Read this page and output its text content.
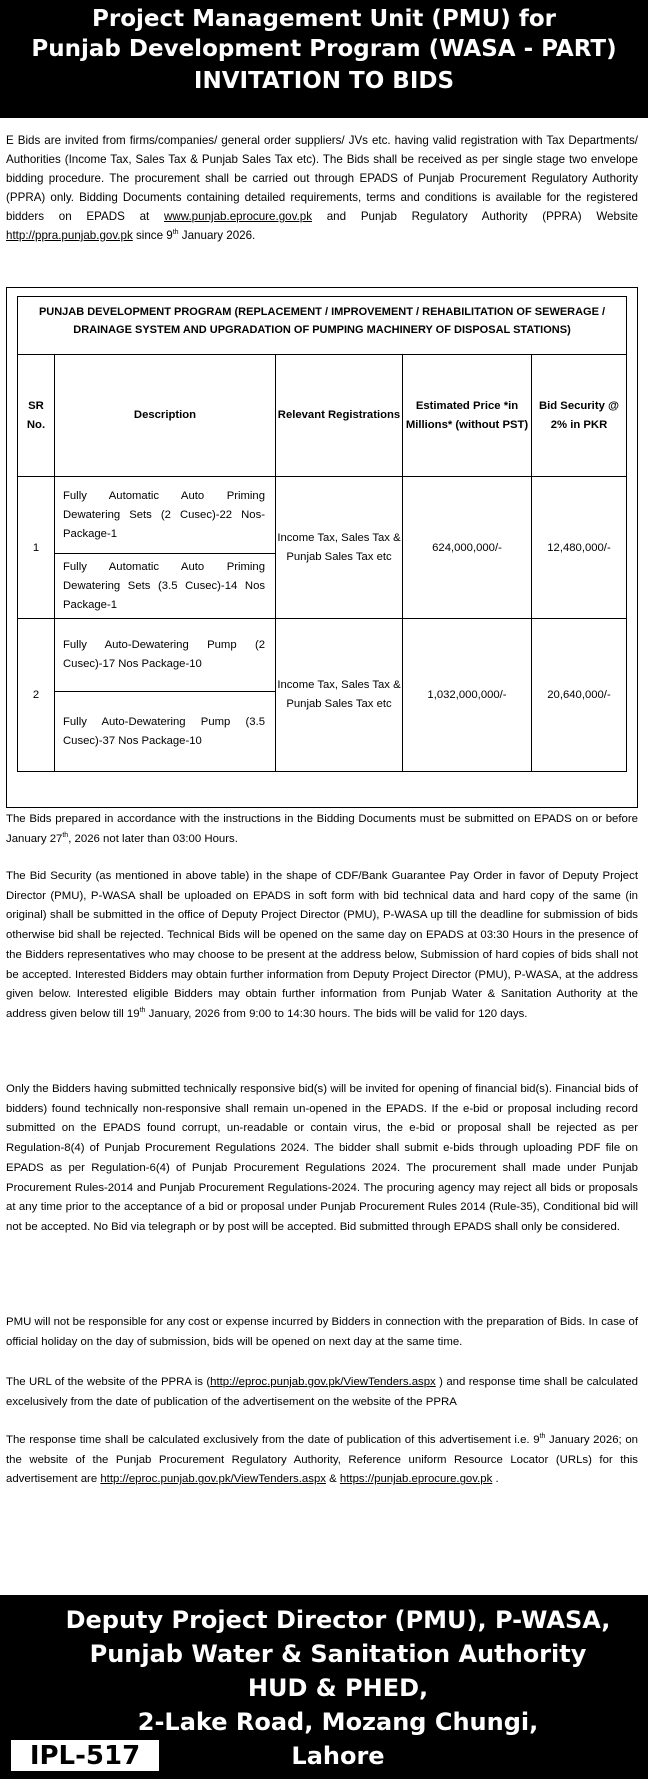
Project Management Unit (PMU) for
Punjab Development Program (WASA - PART)
INVITATION TO BIDS
E Bids are invited from firms/companies/ general order suppliers/ JVs etc. having valid registration with Tax Departments/ Authorities (Income Tax, Sales Tax & Punjab Sales Tax etc). The Bids shall be received as per single stage two envelope bidding procedure. The procurement shall be carried out through EPADS of Punjab Procurement Regulatory Authority (PPRA) only. Bidding Documents containing detailed requirements, terms and conditions is available for the registered bidders on EPADS at www.punjab.eprocure.gov.pk and Punjab Regulatory Authority (PPRA) Website http://ppra.punjab.gov.pk since 9th January 2026.
PUNJAB DEVELOPMENT PROGRAM (REPLACEMENT / IMPROVEMENT / REHABILITATION OF SEWERAGE / DRAINAGE SYSTEM AND UPGRADATION OF PUMPING MACHINERY OF DISPOSAL STATIONS)				
SR No.	Description	Relevant Registrations	Estimated Price *in Millions* (without PST)	Bid Security @ 2% in PKR
1	Fully Automatic Auto Priming Dewatering Sets (2 Cusec)-22 Nos-Package-1	Income Tax, Sales Tax & Punjab Sales Tax etc	624,000,000/-	12,480,000/-
	Fully Automatic Auto Priming Dewatering Sets (3.5 Cusec)-14 Nos Package-1			
2	Fully Auto-Dewatering Pump (2 Cusec)-17 Nos Package-10	Income Tax, Sales Tax & Punjab Sales Tax etc	1,032,000,000/-	20,640,000/-
	Fully Auto-Dewatering Pump (3.5 Cusec)-37 Nos Package-10			
The Bids prepared in accordance with the instructions in the Bidding Documents must be submitted on EPADS on or before January 27th, 2026 not later than 03:00 Hours.
The Bid Security (as mentioned in above table) in the shape of CDF/Bank Guarantee Pay Order in favor of Deputy Project Director (PMU), P-WASA shall be uploaded on EPADS in soft form with bid technical data and hard copy of the same (in original) shall be submitted in the office of Deputy Project Director (PMU), P-WASA up till the deadline for submission of bids otherwise bid shall be rejected. Technical Bids will be opened on the same day on EPADS at 03:30 Hours in the presence of the Bidders representatives who may choose to be present at the address below, Submission of hard copies of bids shall not be accepted. Interested Bidders may obtain further information from Deputy Project Director (PMU), P-WASA, at the address given below. Interested eligible Bidders may obtain further information from Punjab Water & Sanitation Authority at the address given below till 19th January, 2026 from 9:00 to 14:30 hours. The bids will be valid for 120 days.
Only the Bidders having submitted technically responsive bid(s) will be invited for opening of financial bid(s). Financial bids of bidders) found technically non-responsive shall remain un-opened in the EPADS. If the e-bid or proposal including record submitted on the EPADS found corrupt, un-readable or contain virus, the e-bid or proposal shall be rejected as per Regulation-8(4) of Punjab Procurement Regulations 2024. The bidder shall submit e-bids through uploading PDF file on EPADS as per Regulation-6(4) of Punjab Procurement Regulations 2024. The procurement shall made under Punjab Procurement Rules-2014 and Punjab Procurement Regulations-2024. The procuring agency may reject all bids or proposals at any time prior to the acceptance of a bid or proposal under Punjab Procurement Rules 2014 (Rule-35), Conditional bid will not be accepted. No Bid via telegraph or by post will be accepted. Bid submitted through EPADS shall only be considered.
PMU will not be responsible for any cost or expense incurred by Bidders in connection with the preparation of Bids. In case of official holiday on the day of submission, bids will be opened on next day at the same time.
The URL of the website of the PPRA is (http://eproc.punjab.gov.pk/ViewTenders.aspx ) and response time shall be calculated excelusively from the date of publication of the advertisement on the website of the PPRA
The response time shall be calculated exclusively from the date of publication of this advertisement i.e. 9th January 2026; on the website of the Punjab Procurement Regulatory Authority, Reference uniform Resource Locator (URLs) for this advertisement are http://eproc.punjab.gov.pk/ViewTenders.aspx & https://punjab.eprocure.gov.pk .
Deputy Project Director (PMU), P-WASA,
Punjab Water & Sanitation Authority
HUD & PHED,
2-Lake Road, Mozang Chungi,
Lahore
IPL-517
